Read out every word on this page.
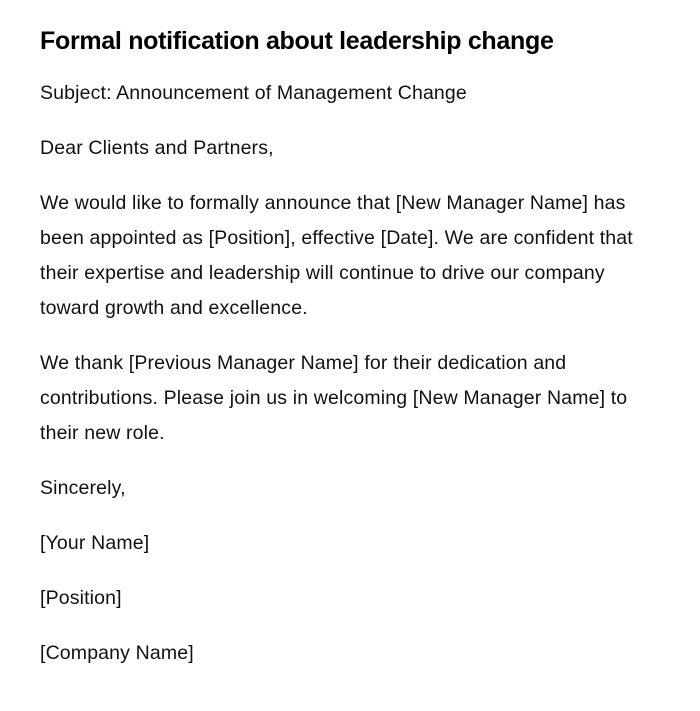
Formal notification about leadership change

Subject: Announcement of Management Change

Dear Clients and Partners,

We would like to formally announce that [New Manager Name] has been appointed as [Position], effective [Date]. We are confident that their expertise and leadership will continue to drive our company toward growth and excellence.

We thank [Previous Manager Name] for their dedication and contributions. Please join us in welcoming [New Manager Name] to their new role.

Sincerely,

[Your Name]

[Position]

[Company Name]
